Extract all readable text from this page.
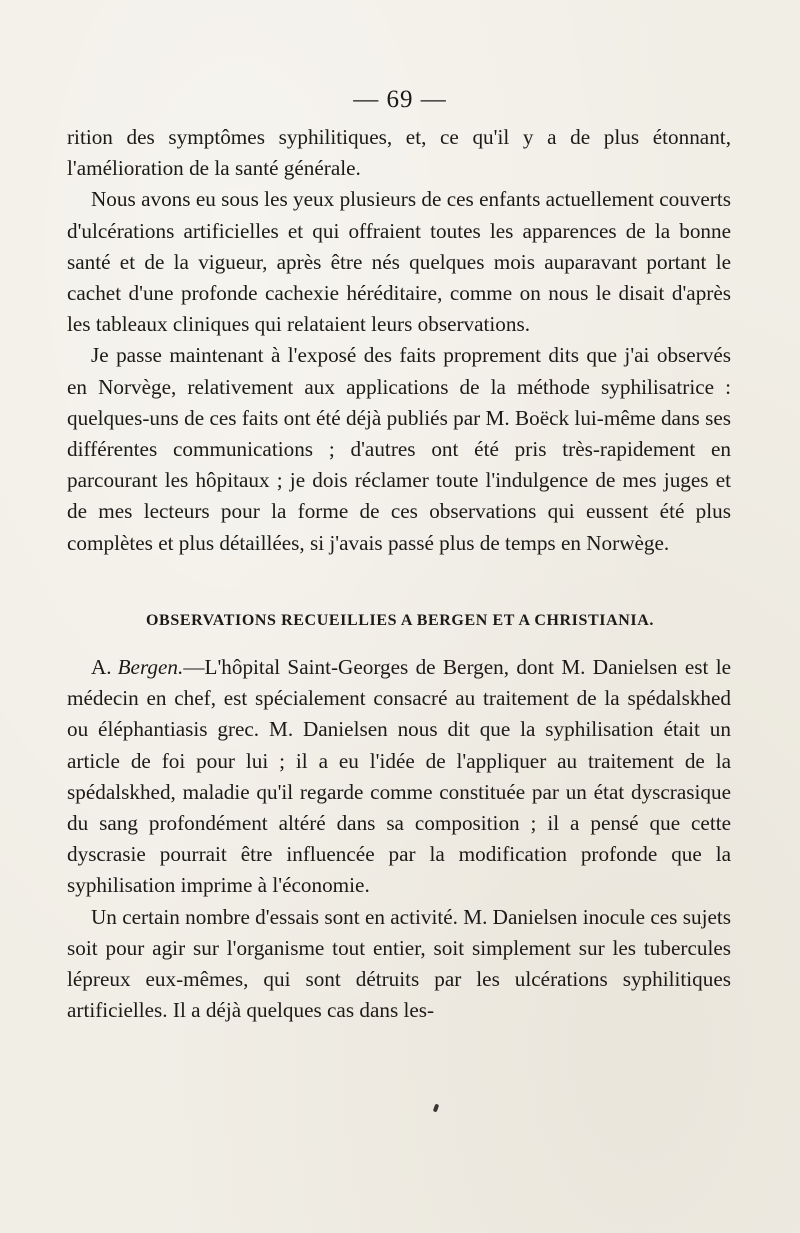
— 69 —

rition des symptômes syphilitiques, et, ce qu'il y a de plus étonnant, l'amélioration de la santé générale.

Nous avons eu sous les yeux plusieurs de ces enfants actuellement couverts d'ulcérations artificielles et qui offraient toutes les apparences de la bonne santé et de la vigueur, après être nés quelques mois auparavant portant le cachet d'une profonde cachexie héréditaire, comme on nous le disait d'après les tableaux cliniques qui relataient leurs observations.

Je passe maintenant à l'exposé des faits proprement dits que j'ai observés en Norvège, relativement aux applications de la méthode syphilisatrice : quelques-uns de ces faits ont été déjà publiés par M. Boëck lui-même dans ses différentes communications ; d'autres ont été pris très-rapidement en parcourant les hôpitaux ; je dois réclamer toute l'indulgence de mes juges et de mes lecteurs pour la forme de ces observations qui eussent été plus complètes et plus détaillées, si j'avais passé plus de temps en Norwège.

OBSERVATIONS RECUEILLIES A BERGEN ET A CHRISTIANIA.

A. Bergen.—L'hôpital Saint-Georges de Bergen, dont M. Danielsen est le médecin en chef, est spécialement consacré au traitement de la spédalskhed ou éléphantiasis grec. M. Danielsen nous dit que la syphilisation était un article de foi pour lui ; il a eu l'idée de l'appliquer au traitement de la spédalskhed, maladie qu'il regarde comme constituée par un état dyscrasique du sang profondément altéré dans sa composition ; il a pensé que cette dyscrasie pourrait être influencée par la modification profonde que la syphilisation imprime à l'économie.

Un certain nombre d'essais sont en activité. M. Danielsen inocule ces sujets soit pour agir sur l'organisme tout entier, soit simplement sur les tubercules lépreux eux-mêmes, qui sont détruits par les ulcérations syphilitiques artificielles. Il a déjà quelques cas dans les-
